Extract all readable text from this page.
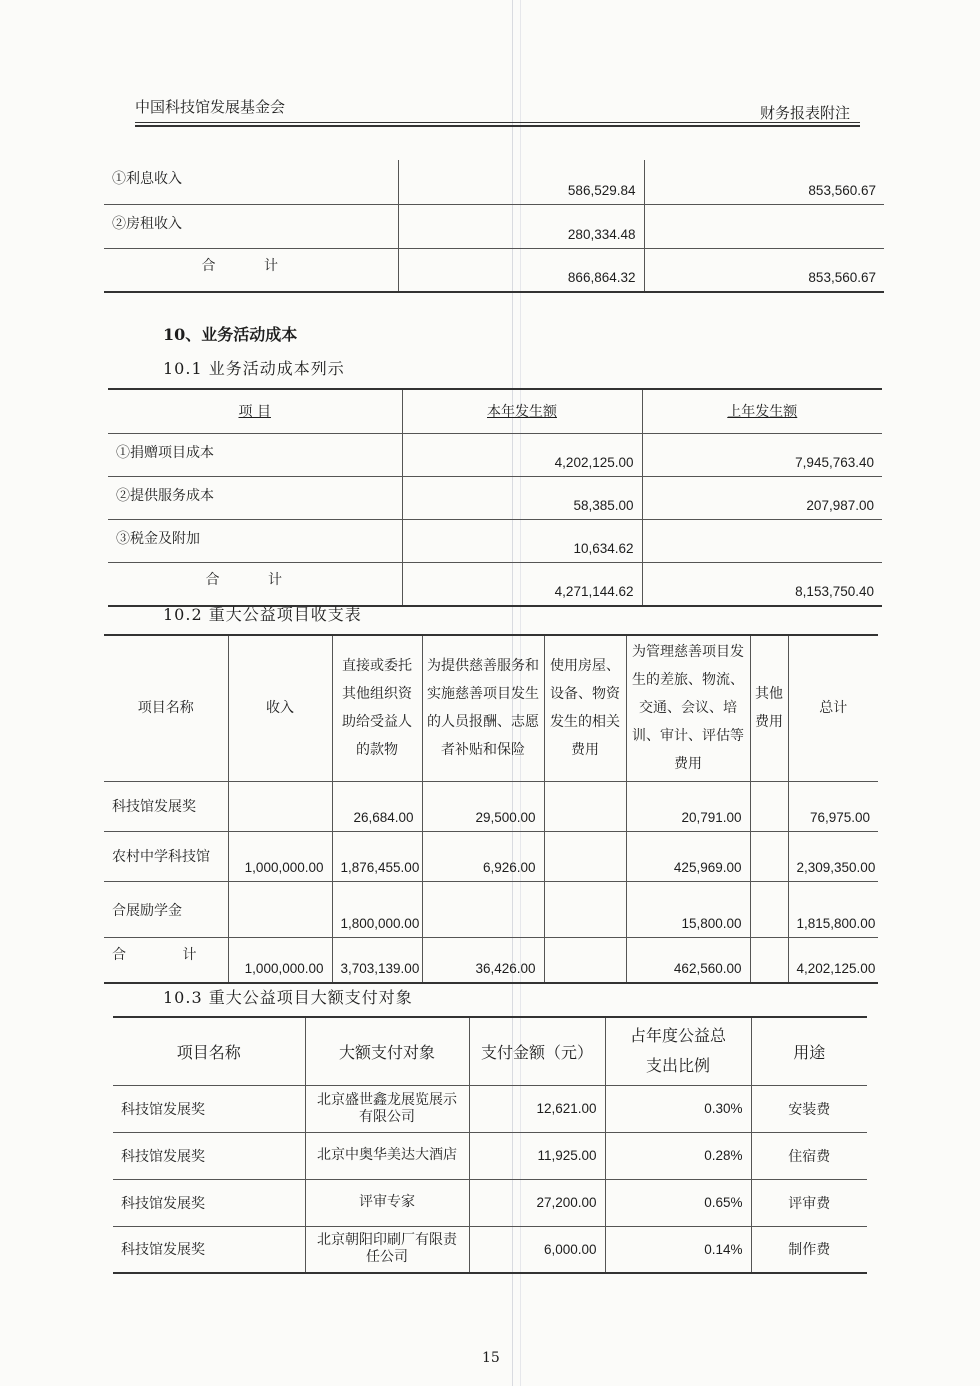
中国科技馆发展基金会	财务报表附注
①利息收入	586,529.84	853,560.67
②房租收入	280,334.48	
合 计	866,864.32	853,560.67
10、业务活动成本
10.1 业务活动成本列示
项 目	本年发生额	上年发生额
①捐赠项目成本	4,202,125.00	7,945,763.40
②提供服务成本	58,385.00	207,987.00
③税金及附加	10,634.62	
合 计	4,271,144.62	8,153,750.40
10.2 重大公益项目收支表
项目名称	收入	直接或委托其他组织资助给受益人的款物	为提供慈善服务和实施慈善项目发生的人员报酬、志愿者补贴和保险	使用房屋、设备、物资发生的相关费用	为管理慈善项目发生的差旅、物流、交通、会议、培训、审计、评估等费用	其他费用	总计
科技馆发展奖		26,684.00	29,500.00		20,791.00		76,975.00
农村中学科技馆	1,000,000.00	1,876,455.00	6,926.00		425,969.00		2,309,350.00
合展励学金		1,800,000.00			15,800.00		1,815,800.00
合 计	1,000,000.00	3,703,139.00	36,426.00		462,560.00		4,202,125.00
10.3 重大公益项目大额支付对象
项目名称	大额支付对象	支付金额（元）	占年度公益总支出比例	用途
科技馆发展奖	北京盛世鑫龙展览展示有限公司	12,621.00	0.30%	安装费
科技馆发展奖	北京中奥华美达大酒店	11,925.00	0.28%	住宿费
科技馆发展奖	评审专家	27,200.00	0.65%	评审费
科技馆发展奖	北京朝阳印刷厂有限责任公司	6,000.00	0.14%	制作费
15
